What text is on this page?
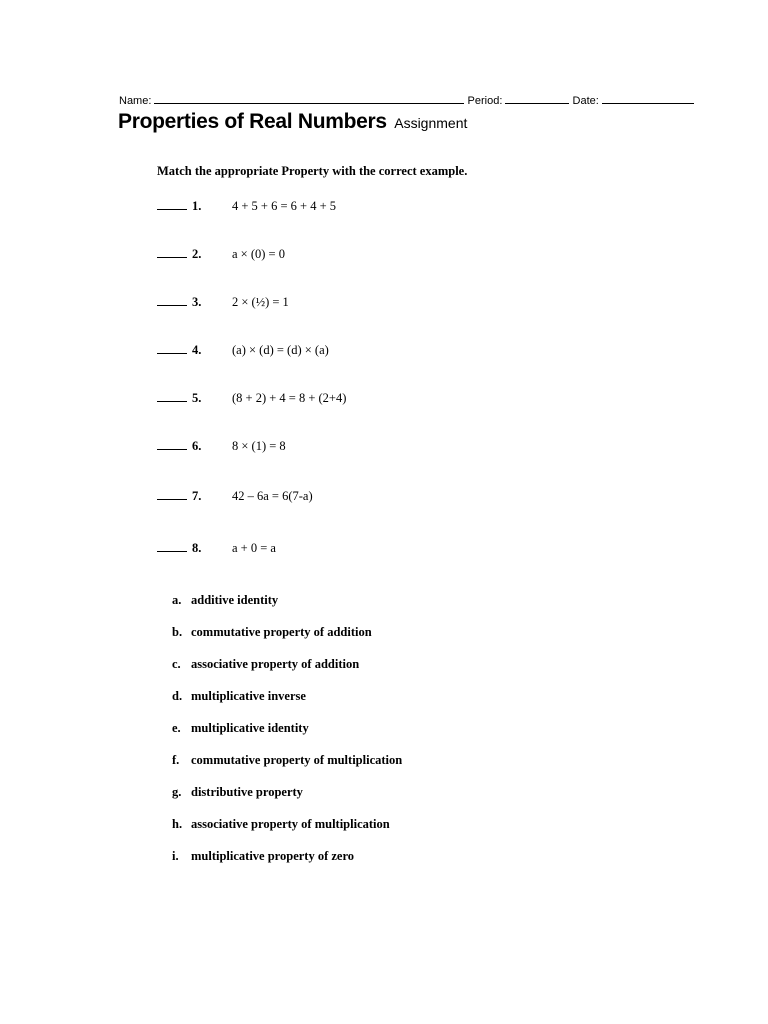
Name:	Period:	Date:
Properties of Real Numbers Assignment
Match the appropriate Property with the correct example.
1. 4 + 5 + 6 = 6 + 4 + 5
2. a × (0) = 0
3. 2 × (½) = 1
4. (a) × (d) = (d) × (a)
5. (8 + 2) + 4 = 8 + (2+4)
6. 8 × (1) = 8
7. 42 – 6a = 6(7-a)
8. a + 0 = a
a. additive identity
b. commutative property of addition
c. associative property of addition
d. multiplicative inverse
e. multiplicative identity
f. commutative property of multiplication
g. distributive property
h. associative property of multiplication
i. multiplicative property of zero
